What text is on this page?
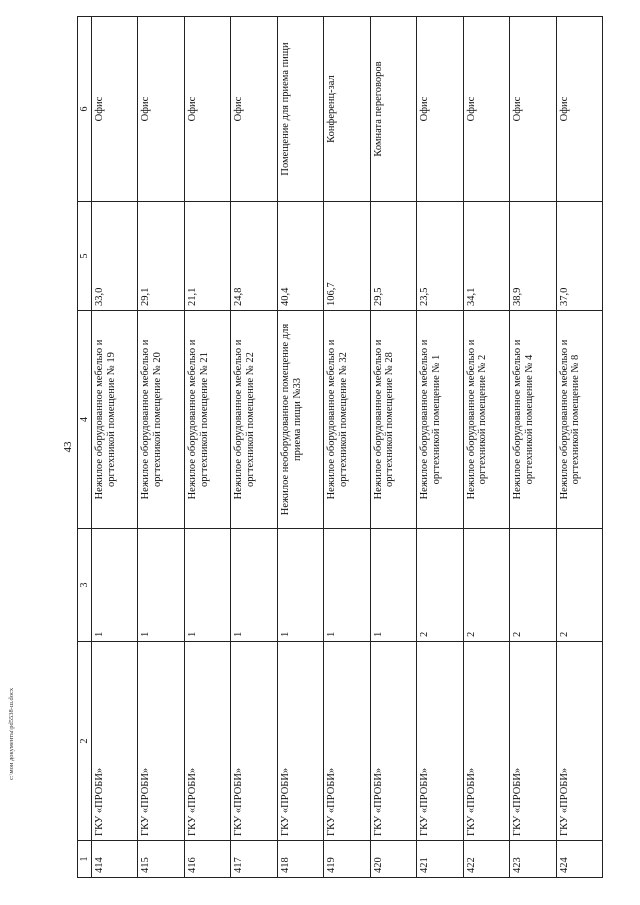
43
1	2	3	4	5	6
414	ГКУ «ПРОБИ»	1	Нежилое оборудованное мебелью и оргтехникой помещение № 19	33,0	Офис
415	ГКУ «ПРОБИ»	1	Нежилое оборудованное мебелью и оргтехникой помещение № 20	29,1	Офис
416	ГКУ «ПРОБИ»	1	Нежилое оборудованное мебелью и оргтехникой помещение № 21	21,1	Офис
417	ГКУ «ПРОБИ»	1	Нежилое оборудованное мебелью и оргтехникой помещение № 22	24,8	Офис
418	ГКУ «ПРОБИ»	1	Нежилое необорудованное помещение для приема пищи №33	40,4	Помещение для приема пищи
419	ГКУ «ПРОБИ»	1	Нежилое оборудованное мебелью и оргтехникой помещение № 32	106,7	Конференц-зал
420	ГКУ «ПРОБИ»	1	Нежилое оборудованное мебелью и оргтехникой помещение № 28	29,5	Комната переговоров
421	ГКУ «ПРОБИ»	2	Нежилое оборудованное мебелью и оргтехникой помещение № 1	23,5	Офис
422	ГКУ «ПРОБИ»	2	Нежилое оборудованное мебелью и оргтехникой помещение № 2	34,1	Офис
423	ГКУ «ПРОБИ»	2	Нежилое оборудованное мебелью и оргтехникой помещение № 4	38,9	Офис
424	ГКУ «ПРОБИ»	2	Нежилое оборудованное мебелью и оргтехникой помещение № 8	37,0	Офис
c:\мои документы\pd5538-ш.docx
